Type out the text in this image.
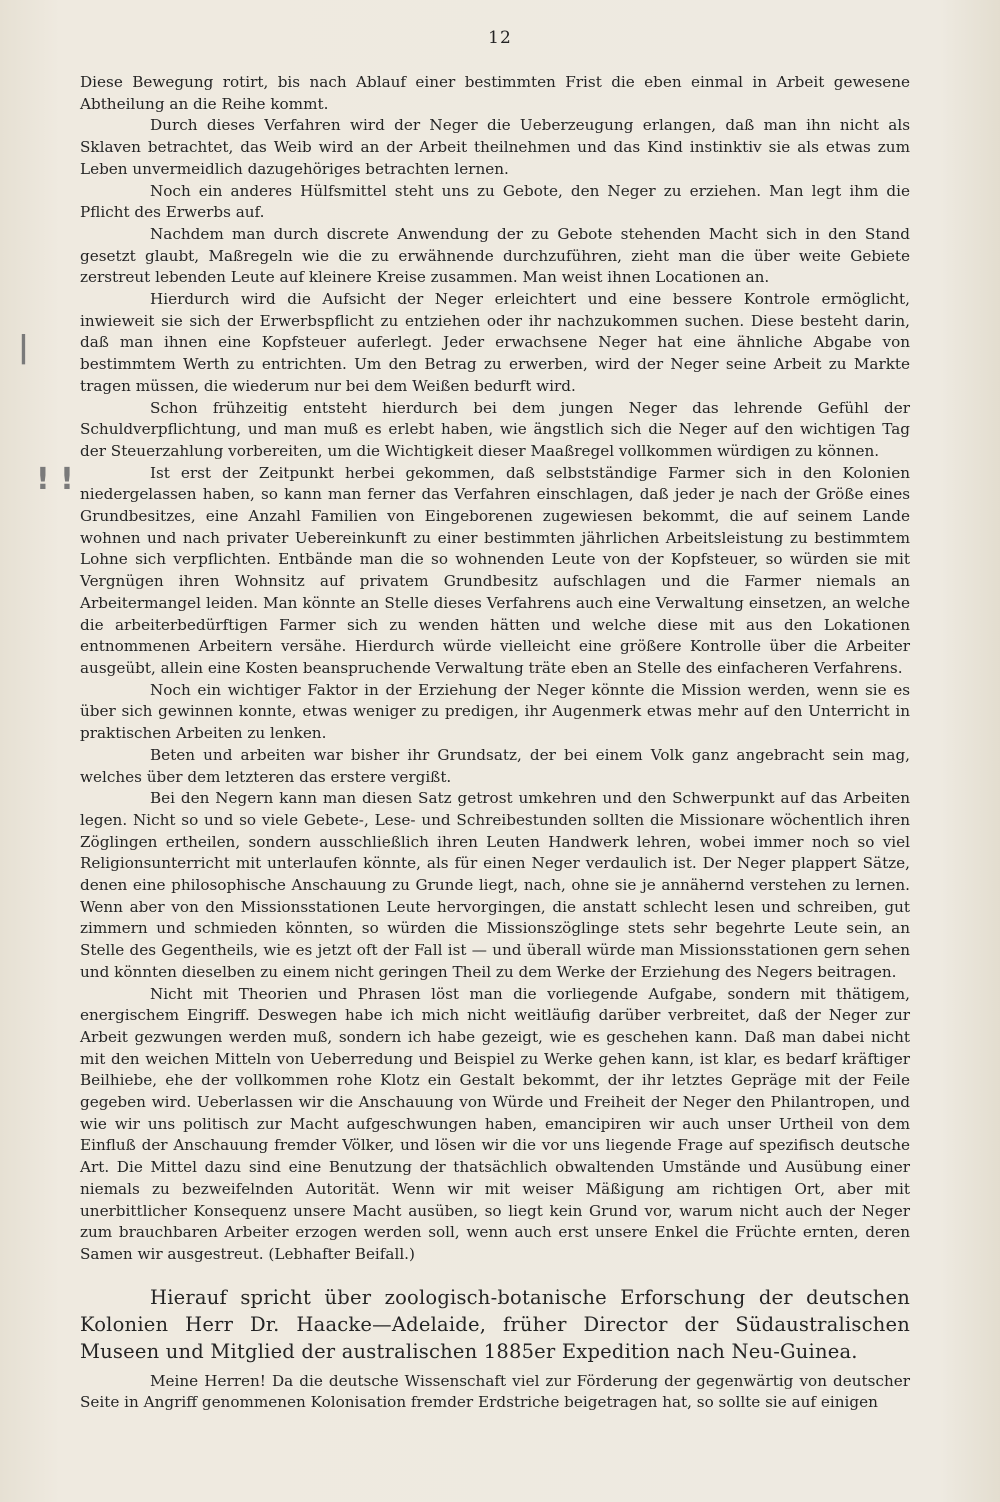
12
|
! !

Diese Bewegung rotirt, bis nach Ablauf einer bestimmten Frist die eben einmal in Arbeit gewesene Abtheilung an die Reihe kommt.

Durch dieses Verfahren wird der Neger die Ueberzeugung erlangen, daß man ihn nicht als Sklaven betrachtet, das Weib wird an der Arbeit theilnehmen und das Kind instinktiv sie als etwas zum Leben unvermeidlich dazugehöriges betrachten lernen.

Noch ein anderes Hülfsmittel steht uns zu Gebote, den Neger zu erziehen. Man legt ihm die Pflicht des Erwerbs auf.

Nachdem man durch discrete Anwendung der zu Gebote stehenden Macht sich in den Stand gesetzt glaubt, Maßregeln wie die zu erwähnende durchzuführen, zieht man die über weite Gebiete zerstreut lebenden Leute auf kleinere Kreise zusammen. Man weist ihnen Locationen an.

Hierdurch wird die Aufsicht der Neger erleichtert und eine bessere Kontrole ermöglicht, inwieweit sie sich der Erwerbspflicht zu entziehen oder ihr nachzukommen suchen. Diese besteht darin, daß man ihnen eine Kopfsteuer auferlegt. Jeder erwachsene Neger hat eine ähnliche Abgabe von bestimmtem Werth zu entrichten. Um den Betrag zu erwerben, wird der Neger seine Arbeit zu Markte tragen müssen, die wiederum nur bei dem Weißen bedurft wird.

Schon frühzeitig entsteht hierdurch bei dem jungen Neger das lehrende Gefühl der Schuldverpflichtung, und man muß es erlebt haben, wie ängstlich sich die Neger auf den wichtigen Tag der Steuerzahlung vorbereiten, um die Wichtigkeit dieser Maaßregel vollkommen würdigen zu können.

Ist erst der Zeitpunkt herbei gekommen, daß selbstständige Farmer sich in den Kolonien niedergelassen haben, so kann man ferner das Verfahren einschlagen, daß jeder je nach der Größe eines Grundbesitzes, eine Anzahl Familien von Eingeborenen zugewiesen bekommt, die auf seinem Lande wohnen und nach privater Uebereinkunft zu einer bestimmten jährlichen Arbeitsleistung zu bestimmtem Lohne sich verpflichten. Entbände man die so wohnenden Leute von der Kopfsteuer, so würden sie mit Vergnügen ihren Wohnsitz auf privatem Grundbesitz aufschlagen und die Farmer niemals an Arbeitermangel leiden. Man könnte an Stelle dieses Verfahrens auch eine Verwaltung einsetzen, an welche die arbeiterbedürftigen Farmer sich zu wenden hätten und welche diese mit aus den Lokationen entnommenen Arbeitern versähe. Hierdurch würde vielleicht eine größere Kontrolle über die Arbeiter ausgeübt, allein eine Kosten beanspruchende Verwaltung träte eben an Stelle des einfacheren Verfahrens.

Noch ein wichtiger Faktor in der Erziehung der Neger könnte die Mission werden, wenn sie es über sich gewinnen konnte, etwas weniger zu predigen, ihr Augenmerk etwas mehr auf den Unterricht in praktischen Arbeiten zu lenken.

Beten und arbeiten war bisher ihr Grundsatz, der bei einem Volk ganz angebracht sein mag, welches über dem letzteren das erstere vergißt.

Bei den Negern kann man diesen Satz getrost umkehren und den Schwerpunkt auf das Arbeiten legen. Nicht so und so viele Gebete-, Lese- und Schreibestunden sollten die Missionare wöchentlich ihren Zöglingen ertheilen, sondern ausschließlich ihren Leuten Handwerk lehren, wobei immer noch so viel Religionsunterricht mit unterlaufen könnte, als für einen Neger verdaulich ist. Der Neger plappert Sätze, denen eine philosophische Anschauung zu Grunde liegt, nach, ohne sie je annähernd verstehen zu lernen. Wenn aber von den Missionsstationen Leute hervorgingen, die anstatt schlecht lesen und schreiben, gut zimmern und schmieden könnten, so würden die Missionszöglinge stets sehr begehrte Leute sein, an Stelle des Gegentheils, wie es jetzt oft der Fall ist — und überall würde man Missionsstationen gern sehen und könnten dieselben zu einem nicht geringen Theil zu dem Werke der Erziehung des Negers beitragen.

Nicht mit Theorien und Phrasen löst man die vorliegende Aufgabe, sondern mit thätigem, energischem Eingriff. Deswegen habe ich mich nicht weitläufig darüber verbreitet, daß der Neger zur Arbeit gezwungen werden muß, sondern ich habe gezeigt, wie es geschehen kann. Daß man dabei nicht mit den weichen Mitteln von Ueberredung und Beispiel zu Werke gehen kann, ist klar, es bedarf kräftiger Beilhiebe, ehe der vollkommen rohe Klotz ein Gestalt bekommt, der ihr letztes Gepräge mit der Feile gegeben wird. Ueberlassen wir die Anschauung von Würde und Freiheit der Neger den Philantropen, und wie wir uns politisch zur Macht aufgeschwungen haben, emancipiren wir auch unser Urtheil von dem Einfluß der Anschauung fremder Völker, und lösen wir die vor uns liegende Frage auf spezifisch deutsche Art. Die Mittel dazu sind eine Benutzung der thatsächlich obwaltenden Umstände und Ausübung einer niemals zu bezweifelnden Autorität. Wenn wir mit weiser Mäßigung am richtigen Ort, aber mit unerbittlicher Konsequenz unsere Macht ausüben, so liegt kein Grund vor, warum nicht auch der Neger zum brauchbaren Arbeiter erzogen werden soll, wenn auch erst unsere Enkel die Früchte ernten, deren Samen wir ausgestreut. (Lebhafter Beifall.)

Hierauf spricht über zoologisch-botanische Erforschung der deutschen Kolonien Herr Dr. Haacke—Adelaide, früher Director der Südaustralischen Museen und Mitglied der australischen 1885er Expedition nach Neu-Guinea.

Meine Herren! Da die deutsche Wissenschaft viel zur Förderung der gegenwärtig von deutscher Seite in Angriff genommenen Kolonisation fremder Erdstriche beigetragen hat, so sollte sie auf einigen
